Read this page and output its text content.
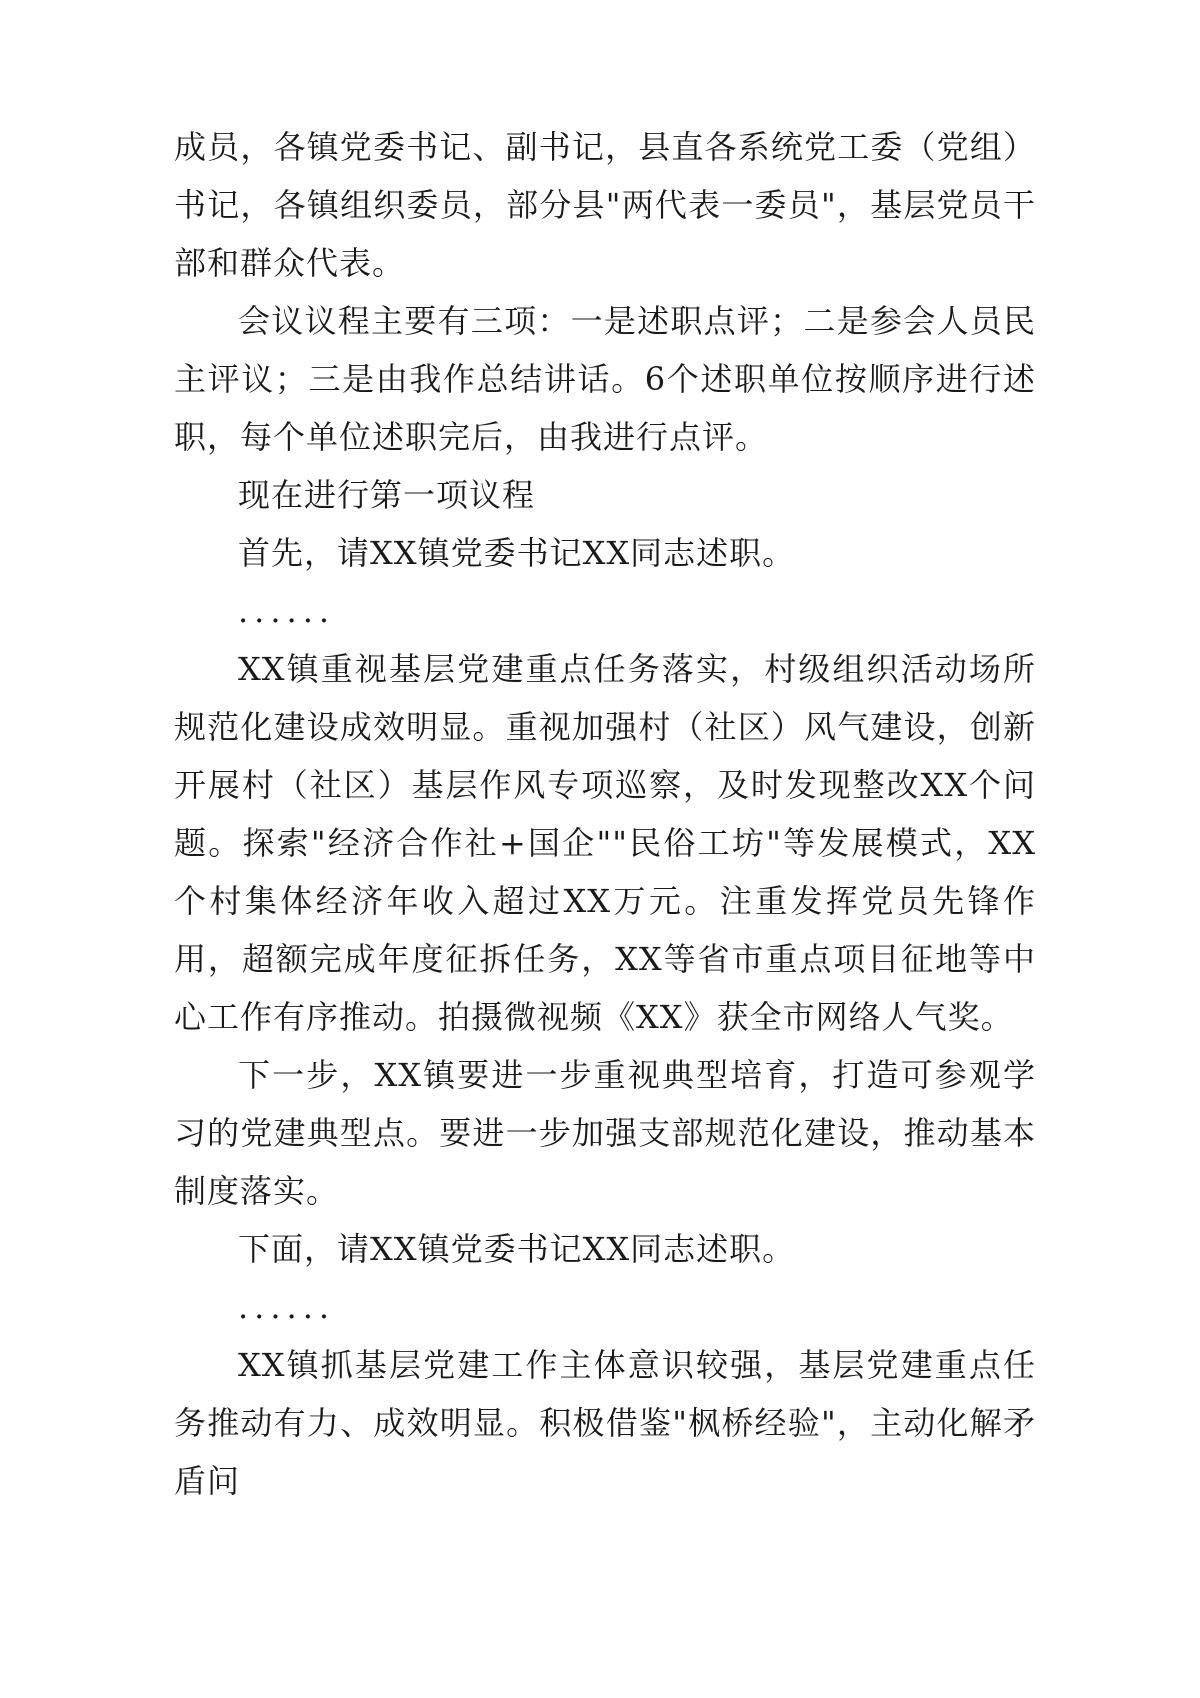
成员，各镇党委书记、副书记，县直各系统党工委（党组）书记，各镇组织委员，部分县"两代表一委员"，基层党员干部和群众代表。

会议议程主要有三项：一是述职点评；二是参会人员民主评议；三是由我作总结讲话。6个述职单位按顺序进行述职，每个单位述职完后，由我进行点评。

现在进行第一项议程

首先，请XX镇党委书记XX同志述职。

......

XX镇重视基层党建重点任务落实，村级组织活动场所规范化建设成效明显。重视加强村（社区）风气建设，创新开展村（社区）基层作风专项巡察，及时发现整改XX个问题。探索"经济合作社+国企""民俗工坊"等发展模式，XX个村集体经济年收入超过XX万元。注重发挥党员先锋作用，超额完成年度征拆任务，XX等省市重点项目征地等中心工作有序推动。拍摄微视频《XX》获全市网络人气奖。

下一步，XX镇要进一步重视典型培育，打造可参观学习的党建典型点。要进一步加强支部规范化建设，推动基本制度落实。

下面，请XX镇党委书记XX同志述职。

......

XX镇抓基层党建工作主体意识较强，基层党建重点任务推动有力、成效明显。积极借鉴"枫桥经验"，主动化解矛盾问
